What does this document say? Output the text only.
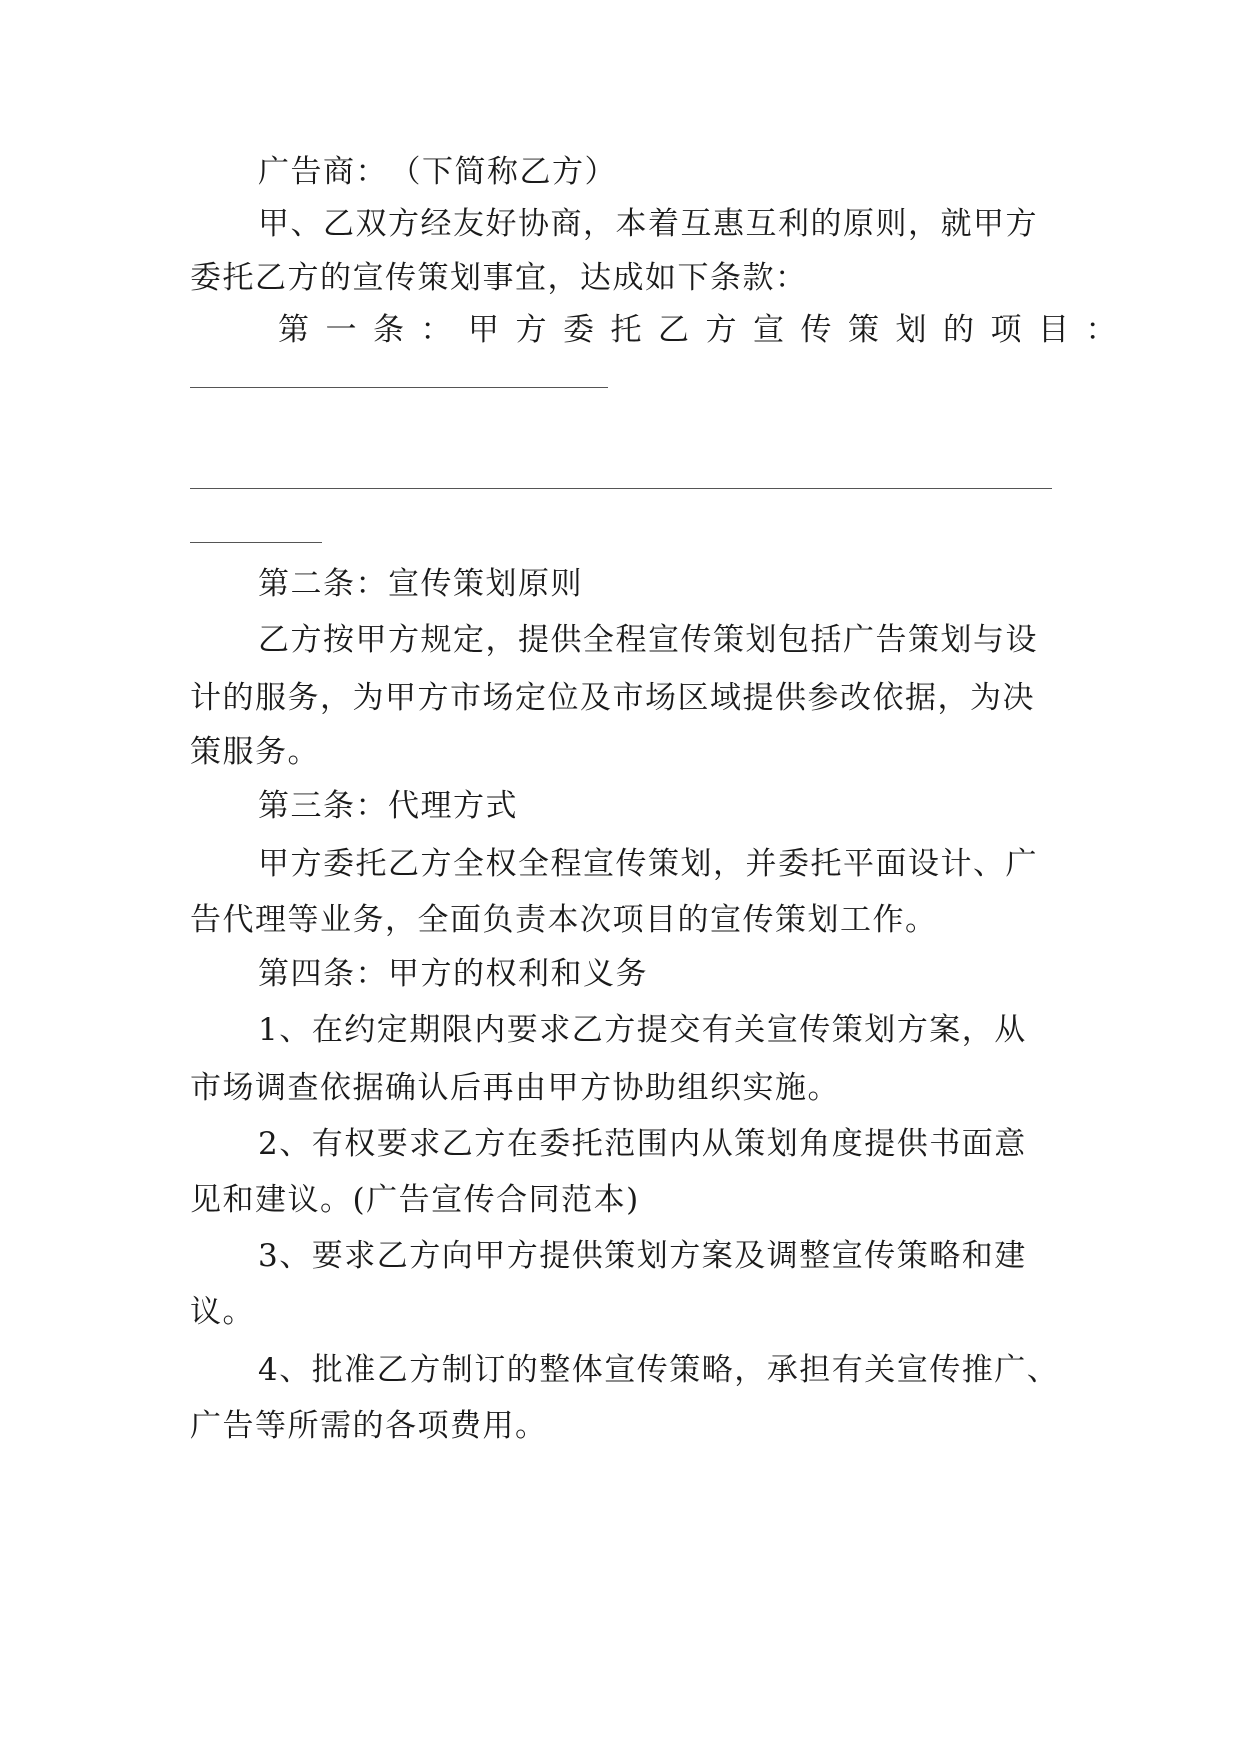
广告商：　（下简称乙方）
甲、乙双方经友好协商，本着互惠互利的原则，就甲方
委托乙方的宣传策划事宜，达成如下条款：
第一条：甲方委托乙方宣传策划的项目：
第二条：宣传策划原则
乙方按甲方规定，提供全程宣传策划包括广告策划与设
计的服务，为甲方市场定位及市场区域提供参改依据，为决
策服务。
第三条：代理方式
甲方委托乙方全权全程宣传策划，并委托平面设计、广
告代理等业务，全面负责本次项目的宣传策划工作。
第四条：甲方的权利和义务
1、在约定期限内要求乙方提交有关宣传策划方案，从
市场调查依据确认后再由甲方协助组织实施。
2、有权要求乙方在委托范围内从策划角度提供书面意
见和建议。(广告宣传合同范本)
3、要求乙方向甲方提供策划方案及调整宣传策略和建
议。
4、批准乙方制订的整体宣传策略，承担有关宣传推广、
广告等所需的各项费用。
